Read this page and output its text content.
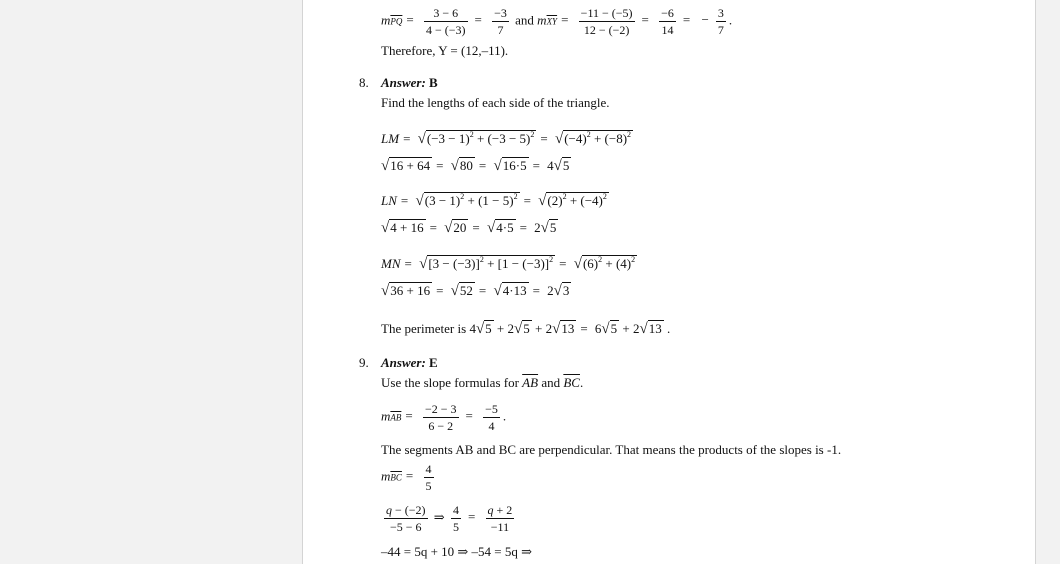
$m\overline{PQ} = \frac{3 - 6}{4 - (-3)} = \frac{-3}{7}$ and $m\overline{XY} = \frac{-11 - (-5)}{12 - (-2)} = \frac{-6}{14}$ = − $\frac{3}{7}$ .
Therefore, Y = (12,–11).
8. Answer: B
Find the lengths of each side of the triangle.
LM = $√(-3 - 1)^2 + (-3 - 5)^2 = √(-4)^2 + (-8)^2$
√16 + 64 = √80 = √16·5 = 4√5
LN = $√(3 - 1)^2 + (1 - 5)^2 = √(2)^2 + (-4)^2$
√4 + 16 = √20 = √4·5 = 2√5
MN = $√[3 - (-3)]^2 + [1 - (-3)]^2 = √(6)^2 + (4)^2$
√36 + 16 = √52 = √4·13 = 2√3
The perimeter is 4√5 + 2√5 + 2√13 = 6√5 + 2√13 .
9. Answer: E
Use the slope formulas for $\overline{AB}$ and $\overline{BC}$.
$m\overline{AB} = \frac{-2 - 3}{6 - 2} = \frac{-5}{4}$ .
The segments AB and BC are perpendicular. That means the products of the slopes is -1.
$m\overline{BC} = \frac{4}{5}$
$\frac{q - (-2)}{-5 - 6}$ ⇒ $\frac{4}{5} = \frac{q + 2}{-11}$
–44 = 5q + 10 ⇒ –54 = 5q ⇒
